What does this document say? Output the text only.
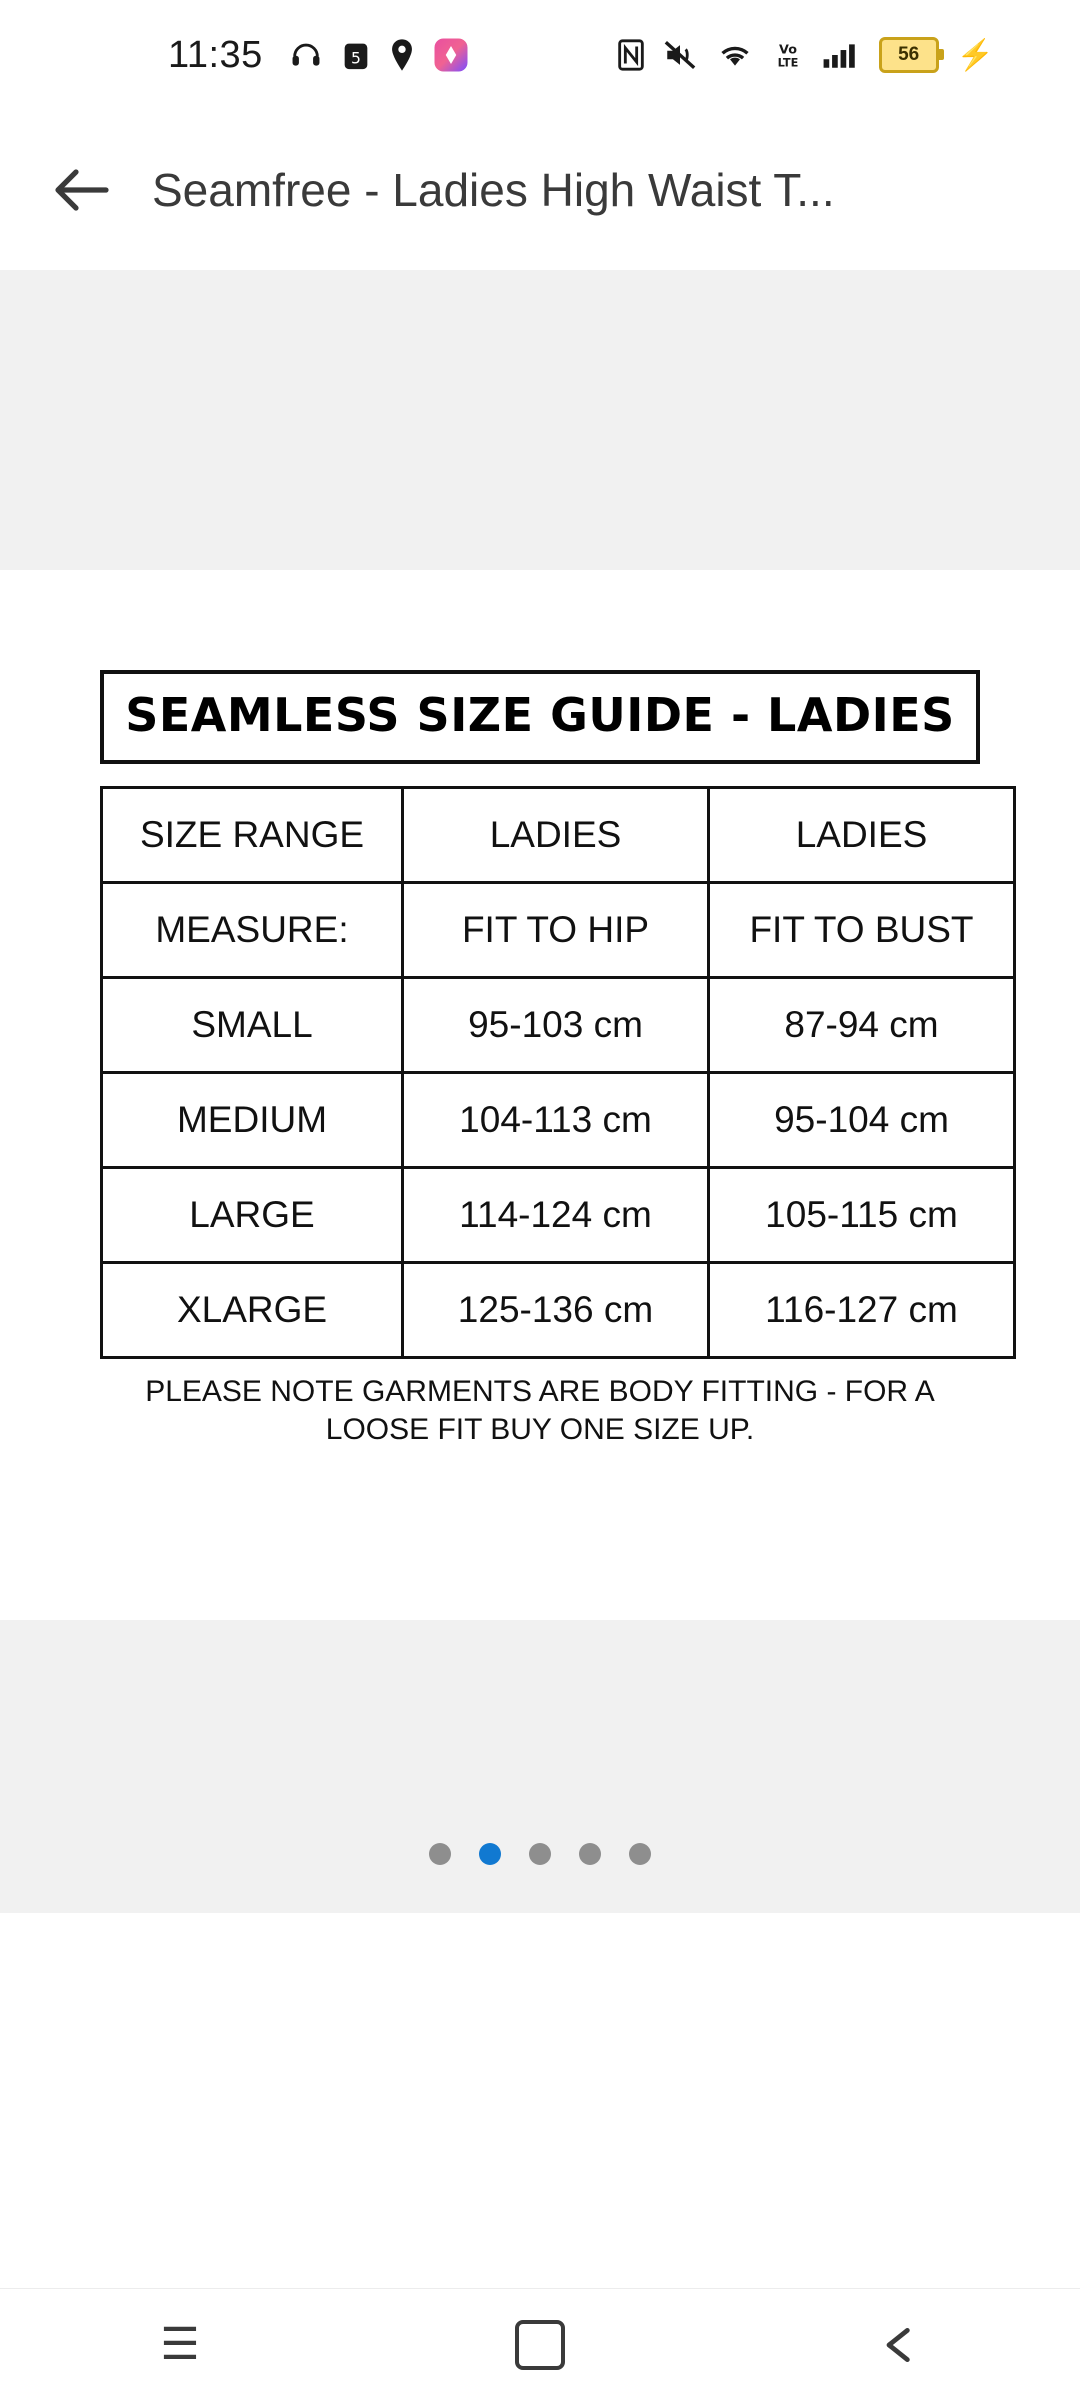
11:35	5	Vo
LTE	56 ⚡
Seamfree - Ladies High Waist T...
SEAMLESS SIZE GUIDE - LADIES
SIZE RANGE	LADIES	LADIES
MEASURE:	FIT TO HIP	FIT TO BUST
SMALL	95-103 cm	87-94 cm
MEDIUM	104-113 cm	95-104 cm
LARGE	114-124 cm	105-115 cm
XLARGE	125-136 cm	116-127 cm
PLEASE NOTE GARMENTS ARE BODY FITTING - FOR A LOOSE FIT BUY ONE SIZE UP.
☰
